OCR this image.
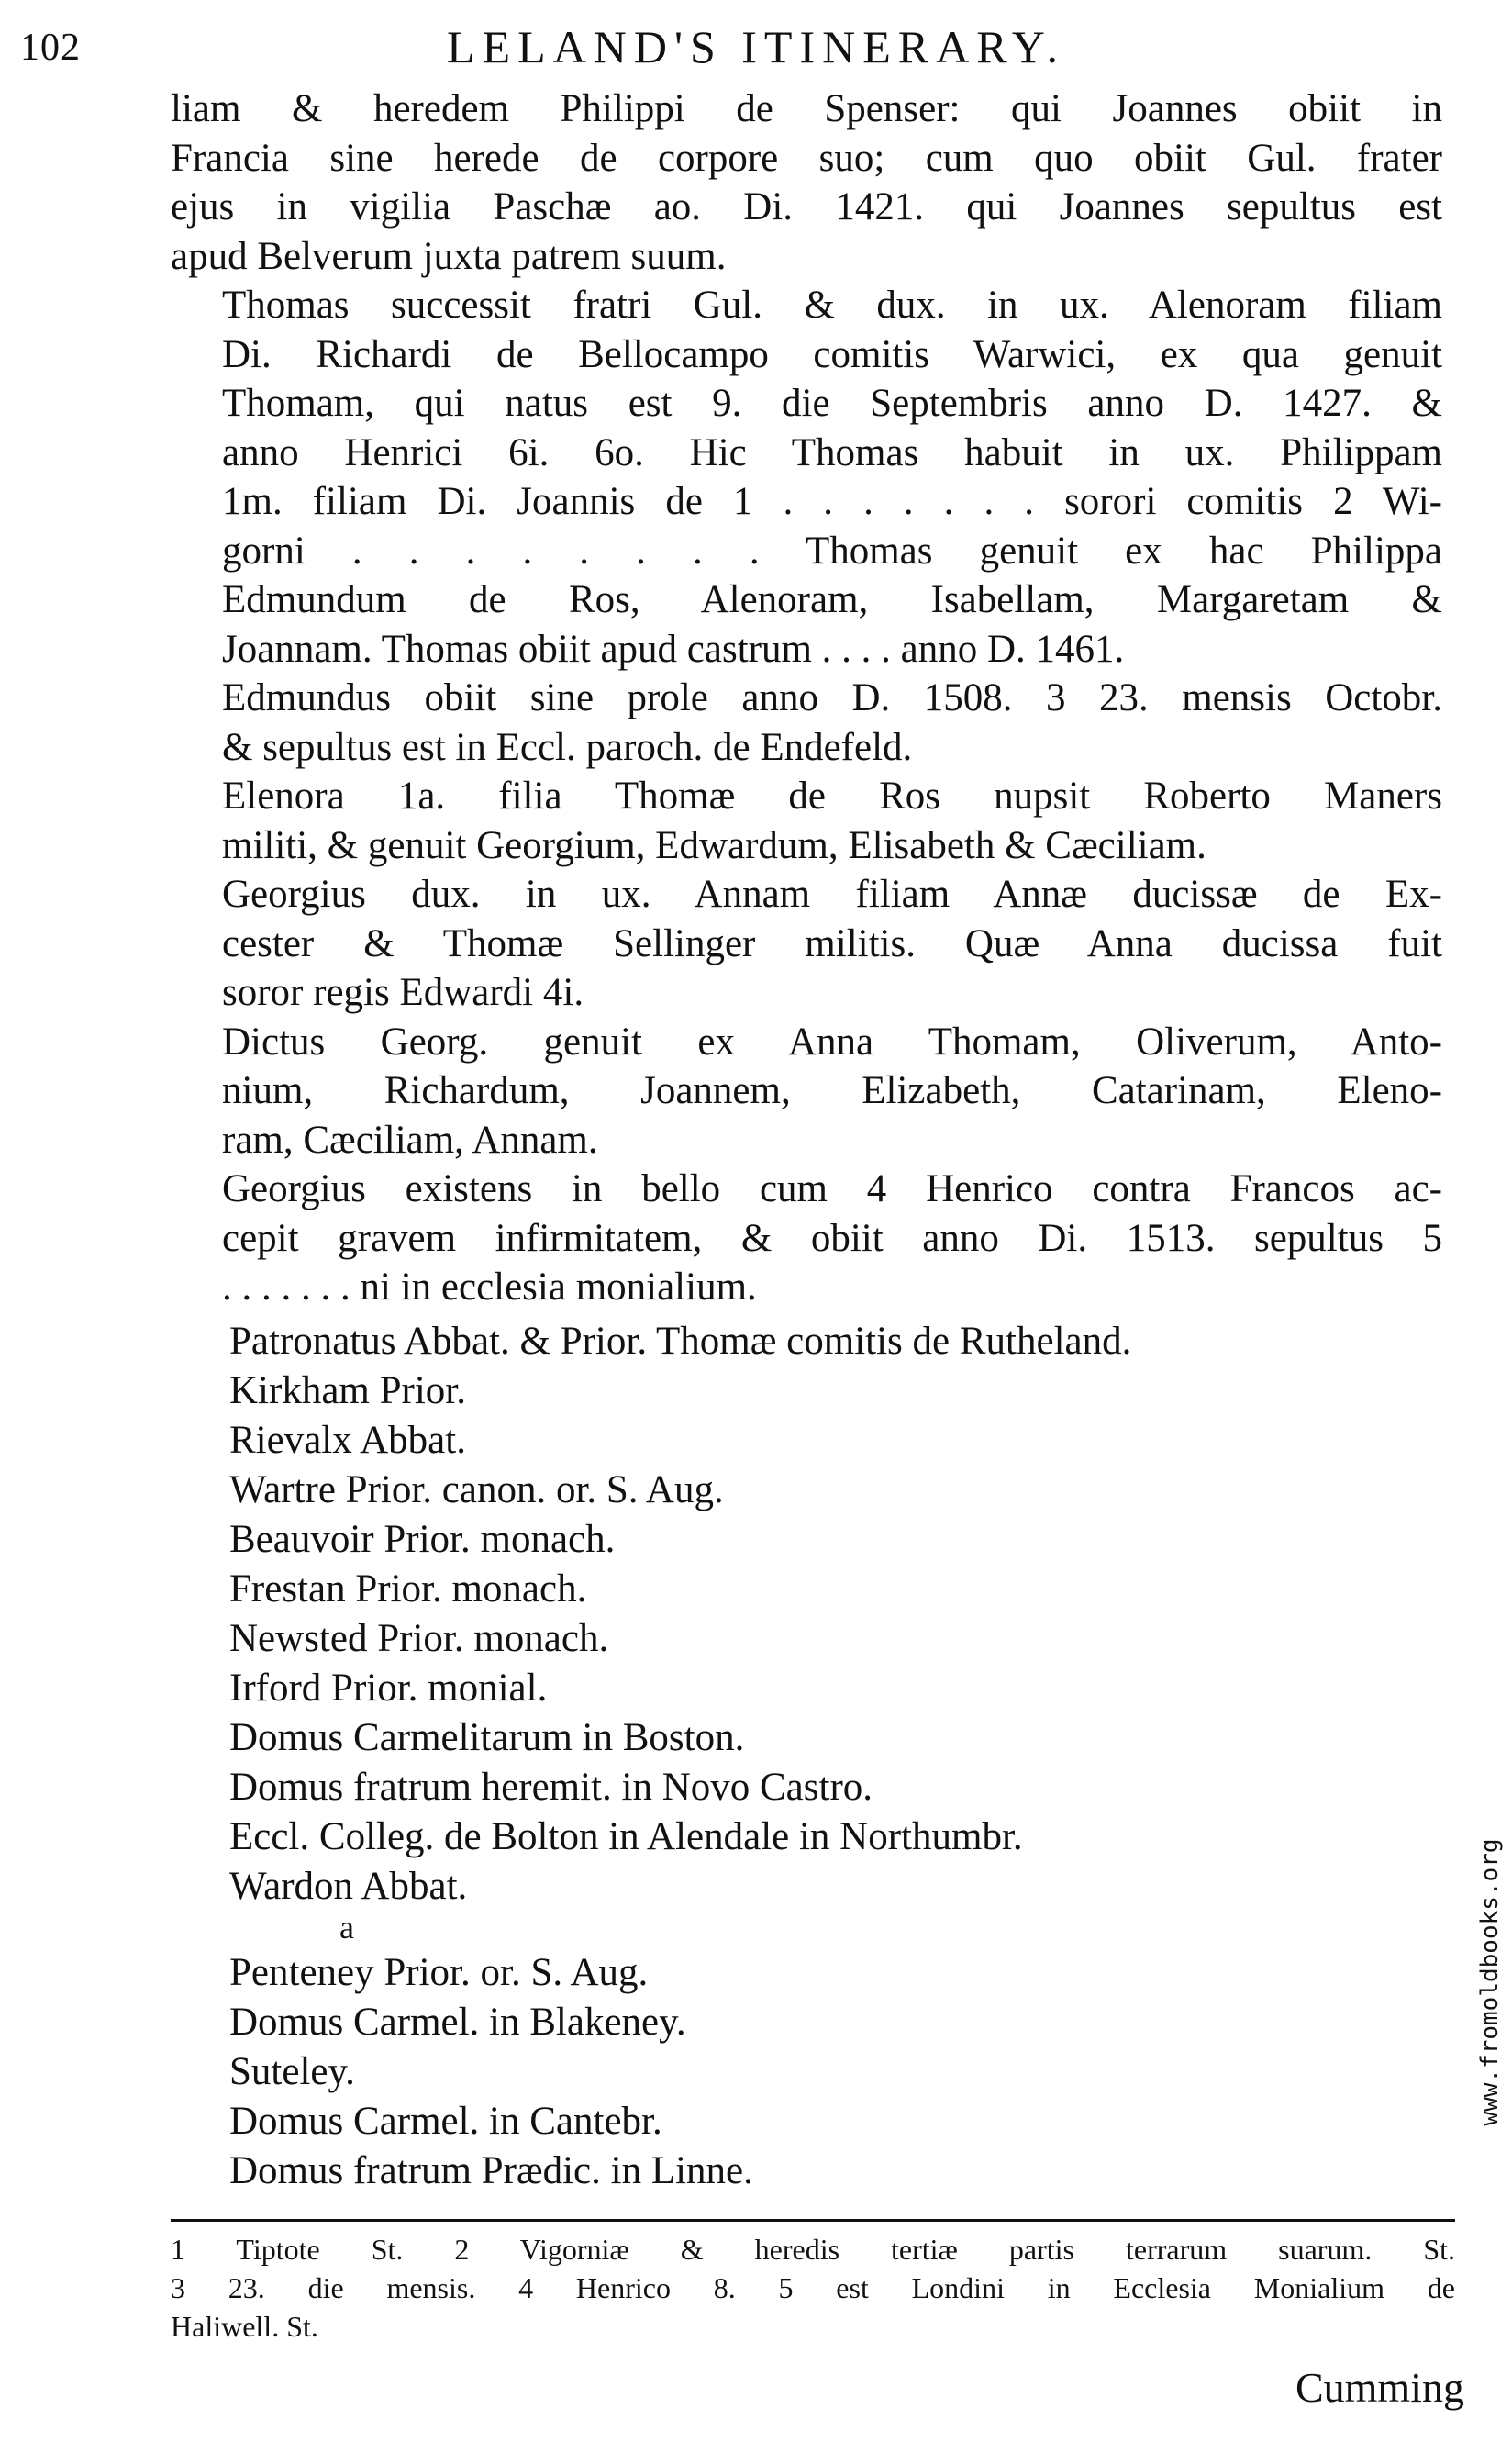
102	LELAND'S ITINERARY.

liam & heredem Philippi de Spenser: qui Joannes obiit in
Francia sine herede de corpore suo; cum quo obiit Gul. frater
ejus in vigilia Paschæ ao. Di. 1421. qui Joannes sepultus est
apud Belverum juxta patrem suum.

Thomas successit fratri Gul. & dux. in ux. Alenoram filiam
Di. Richardi de Bellocampo comitis Warwici, ex qua genuit
Thomam, qui natus est 9. die Septembris anno D. 1427. &
anno Henrici 6i. 6o. Hic Thomas habuit in ux. Philippam
1m. filiam Di. Joannis de 1 . . . . . . . sorori comitis 2 Wi-
gorni . . . . . . . . Thomas genuit ex hac Philippa
Edmundum de Ros, Alenoram, Isabellam, Margaretam &
Joannam. Thomas obiit apud castrum . . . . anno D. 1461.

Edmundus obiit sine prole anno D. 1508. 3 23. mensis Octobr.
& sepultus est in Eccl. paroch. de Endefeld.

Elenora 1a. filia Thomæ de Ros nupsit Roberto Maners
militi, & genuit Georgium, Edwardum, Elisabeth & Cæciliam.

Georgius dux. in ux. Annam filiam Annæ ducissæ de Ex-
cester & Thomæ Sellinger militis. Quæ Anna ducissa fuit
soror regis Edwardi 4i.

Dictus Georg. genuit ex Anna Thomam, Oliverum, Anto-
nium, Richardum, Joannem, Elizabeth, Catarinam, Eleno-
ram, Cæciliam, Annam.

Georgius existens in bello cum 4 Henrico contra Francos ac-
cepit gravem infirmitatem, & obiit anno Di. 1513. sepultus 5
. . . . . . . ni in ecclesia monialium.

Patronatus Abbat. & Prior. Thomæ comitis de Rutheland.
Kirkham Prior.
Rievalx Abbat.
Wartre Prior. canon. or. S. Aug.
Beauvoir Prior. monach.
Frestan Prior. monach.
Newsted Prior. monach.
Irford Prior. monial.
Domus Carmelitarum in Boston.
Domus fratrum heremit. in Novo Castro.
Eccl. Colleg. de Bolton in Alendale in Northumbr.
Wardon Abbat.
a
Penteney Prior. or. S. Aug.
Domus Carmel. in Blakeney.
Suteley.
Domus Carmel. in Cantebr.
Domus fratrum Prædic. in Linne.
1 Tiptote St. 2 Vigorniæ & heredis tertiæ partis terrarum suarum. St.
3 23. die mensis. 4 Henrico 8. 5 est Londini in Ecclesia Monialium de
Haliwell. St.
Cumming
www.fromoldbooks.org
